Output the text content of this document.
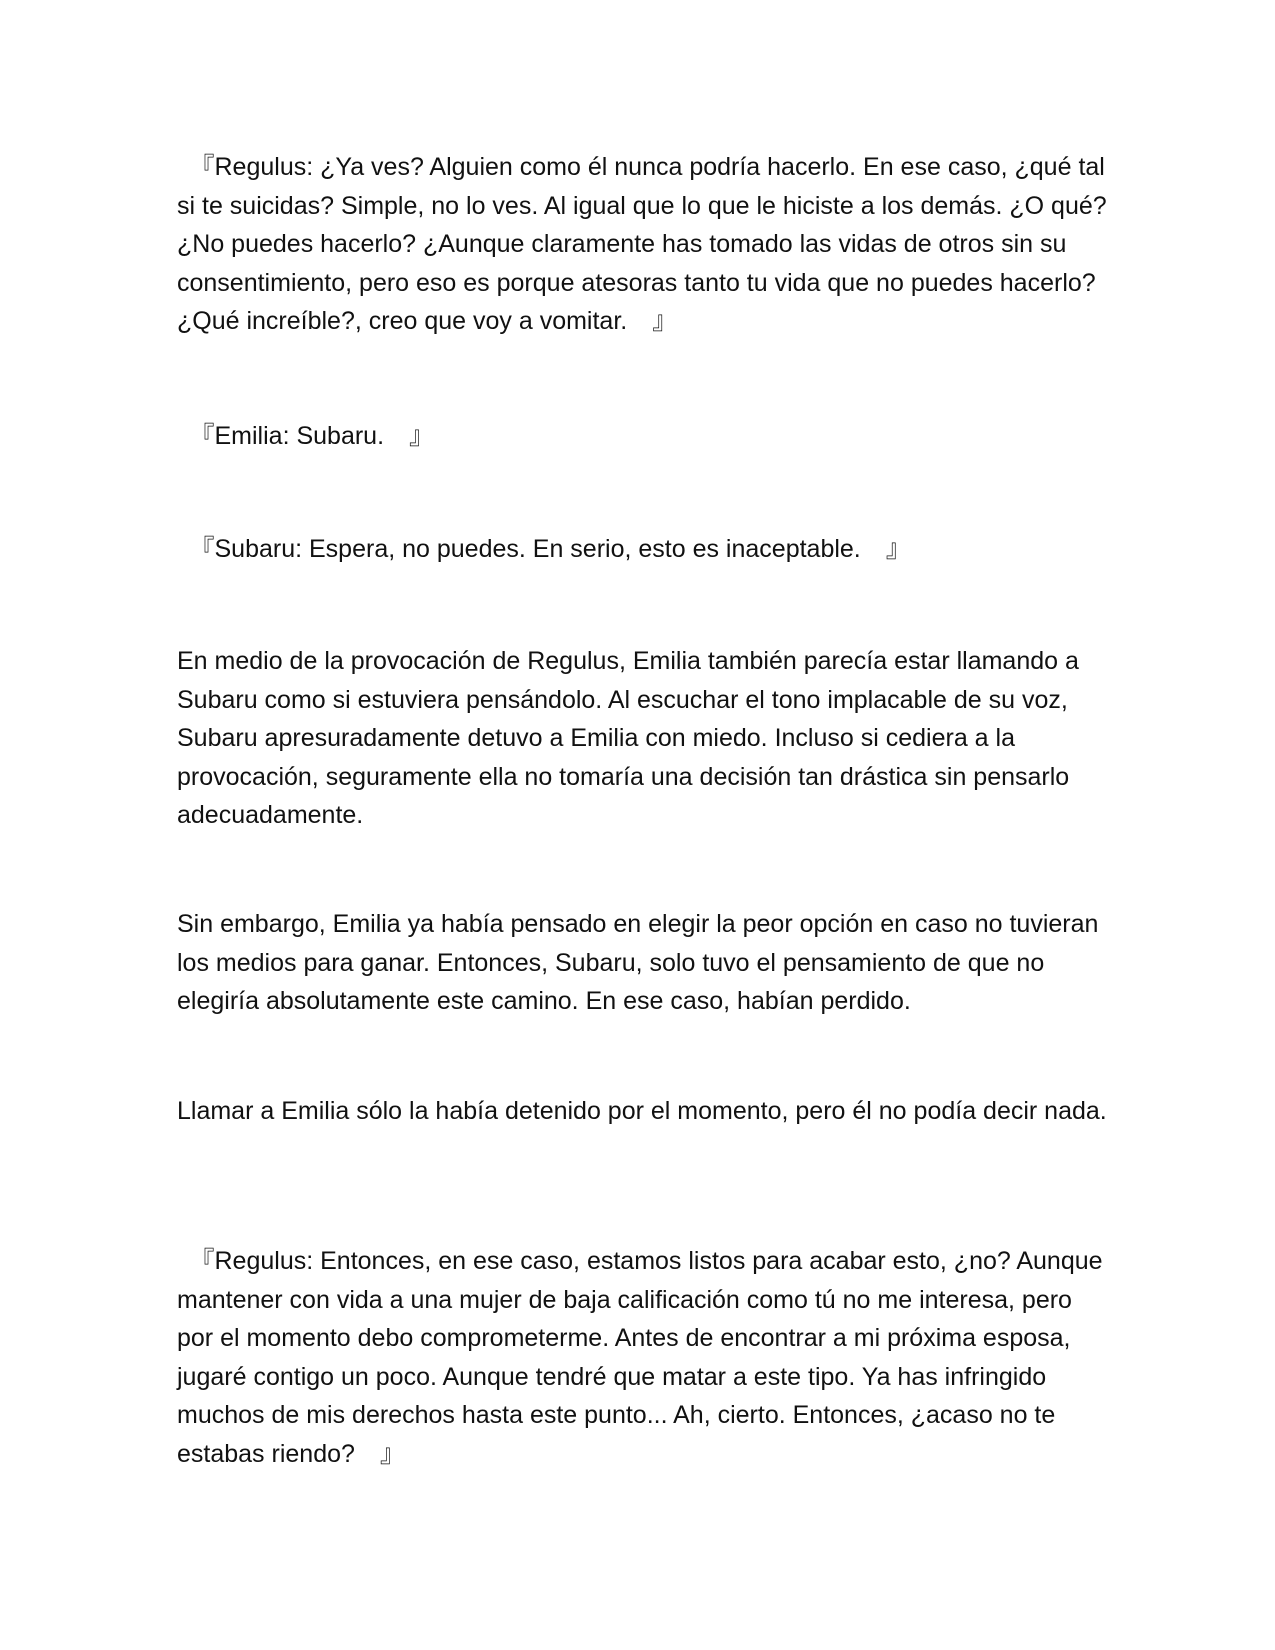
　『Regulus: ¿Ya ves? Alguien como él nunca podría hacerlo. En ese caso, ¿qué tal si te suicidas? Simple, no lo ves. Al igual que lo que le hiciste a los demás. ¿O qué? ¿No puedes hacerlo? ¿Aunque claramente has tomado las vidas de otros sin su consentimiento, pero eso es porque atesoras tanto tu vida que no puedes hacerlo? ¿Qué increíble?, creo que voy a vomitar.　』

　『Emilia: Subaru.　』

　『Subaru: Espera, no puedes. En serio, esto es inaceptable.　』

En medio de la provocación de Regulus, Emilia también parecía estar llamando a Subaru como si estuviera pensándolo. Al escuchar el tono implacable de su voz, Subaru apresuradamente detuvo a Emilia con miedo. Incluso si cediera a la provocación, seguramente ella no tomaría una decisión tan drástica sin pensarlo adecuadamente.

Sin embargo, Emilia ya había pensado en elegir la peor opción en caso no tuvieran los medios para ganar. Entonces, Subaru, solo tuvo el pensamiento de que no elegiría absolutamente este camino. En ese caso, habían perdido.

Llamar a Emilia sólo la había detenido por el momento, pero él no podía decir nada.

　『Regulus: Entonces, en ese caso, estamos listos para acabar esto, ¿no? Aunque mantener con vida a una mujer de baja calificación como tú no me interesa, pero por el momento debo comprometerme. Antes de encontrar a mi próxima esposa, jugaré contigo un poco. Aunque tendré que matar a este tipo. Ya has infringido muchos de mis derechos hasta este punto... Ah, cierto. Entonces, ¿acaso no te estabas riendo?　』
